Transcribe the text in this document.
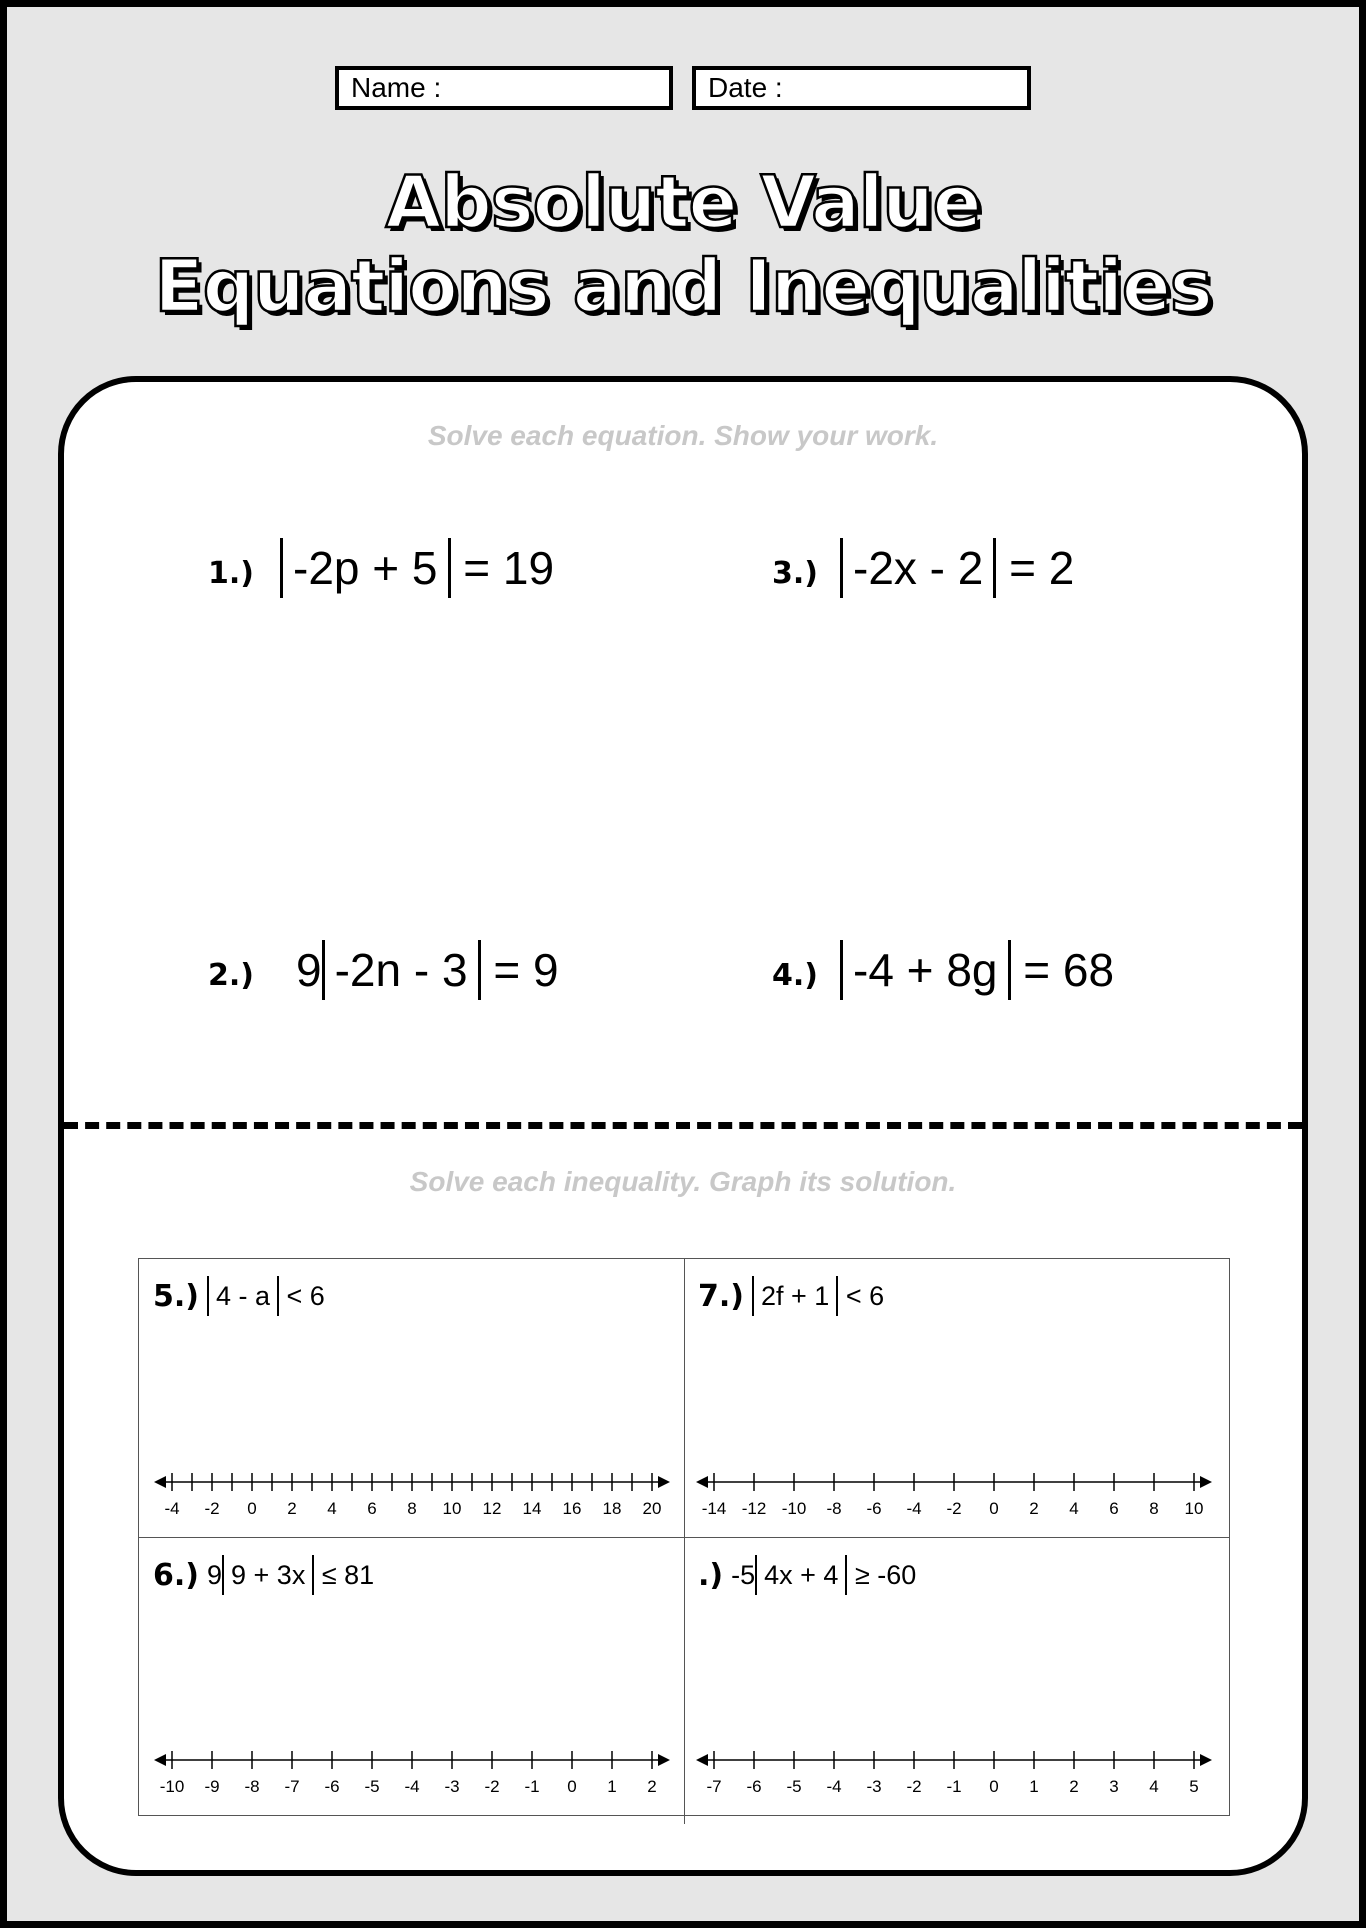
Name :	Date :
Absolute Value
Equations and Inequalities
Solve each equation. Show your work.
1.) -2p + 5 = 19	3.) -2x - 2 = 2
2.) 9 -2n - 3 = 9	4.) -4 + 8g = 68
Solve each inequality. Graph its solution.
5.) 4 - a < 6
-4 -2 0 2 4 6 8 10 12 14 16 18 20
7.) 2f + 1 < 6
-14 -12 -10 -8 -6 -4 -2 0 2 4 6 8 10
6.) 9 9 + 3x ≤ 81
-10 -9 -8 -7 -6 -5 -4 -3 -2 -1 0 1 2
.) -5 4x + 4 ≥ -60
-7 -6 -5 -4 -3 -2 -1 0 1 2 3 4 5
